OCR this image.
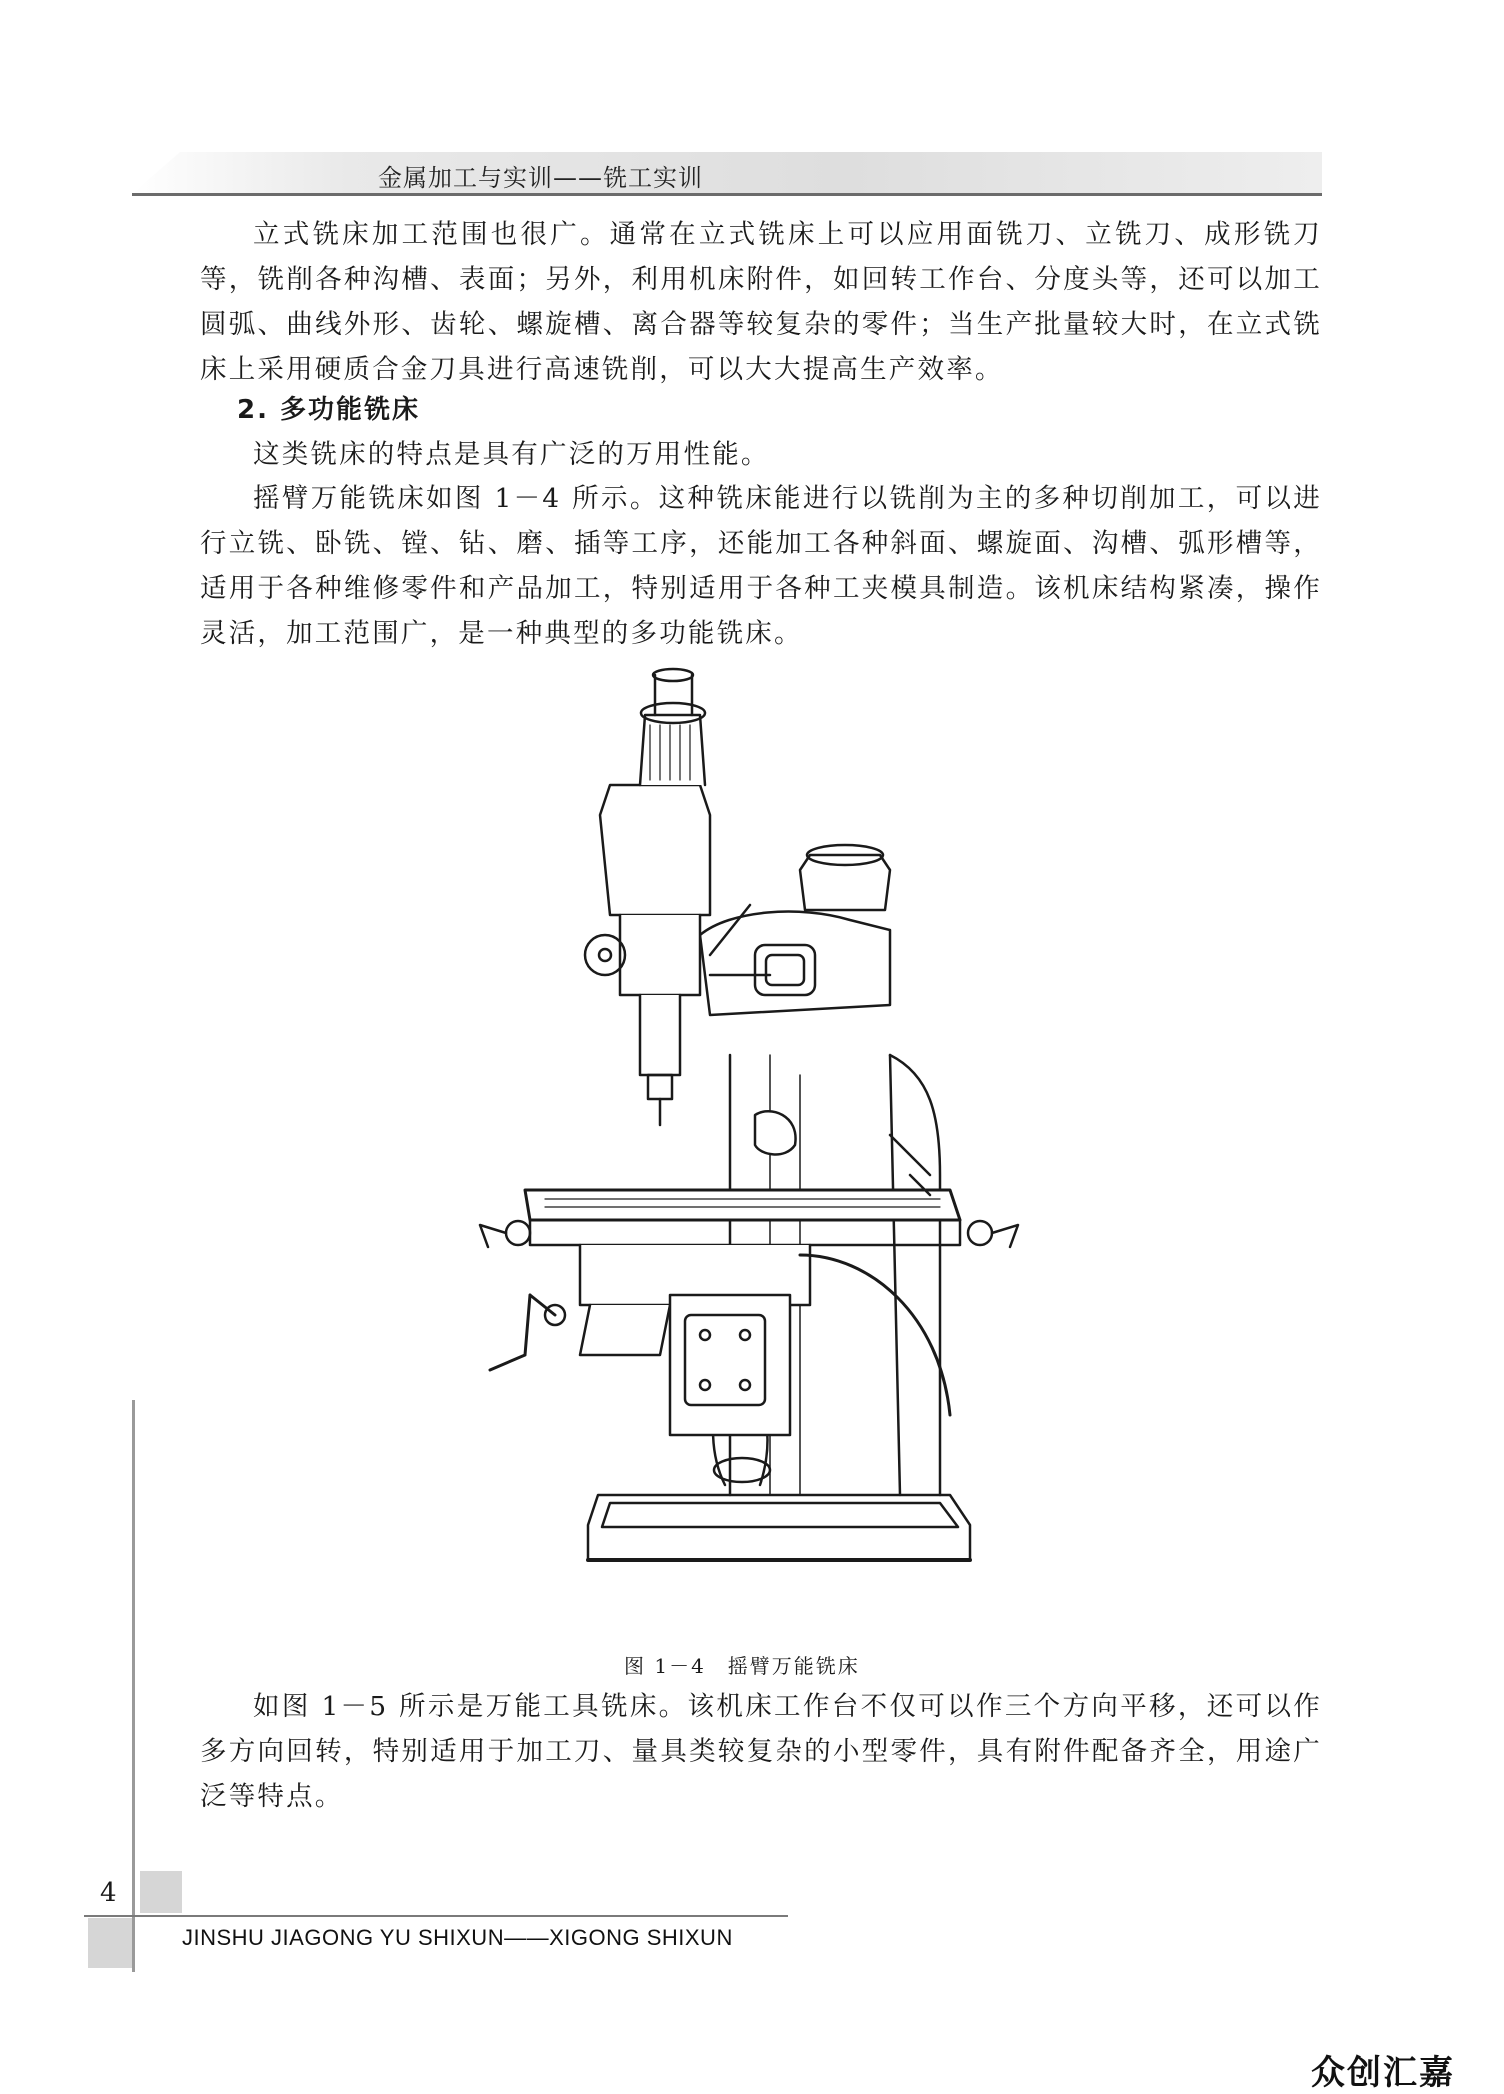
金属加工与实训——铣工实训

立式铣床加工范围也很广。通常在立式铣床上可以应用面铣刀、立铣刀、成形铣刀等，铣削各种沟槽、表面；另外，利用机床附件，如回转工作台、分度头等，还可以加工圆弧、曲线外形、齿轮、螺旋槽、离合器等较复杂的零件；当生产批量较大时，在立式铣床上采用硬质合金刀具进行高速铣削，可以大大提高生产效率。

2. 多功能铣床

这类铣床的特点是具有广泛的万用性能。

摇臂万能铣床如图 1－4 所示。这种铣床能进行以铣削为主的多种切削加工，可以进行立铣、卧铣、镗、钻、磨、插等工序，还能加工各种斜面、螺旋面、沟槽、弧形槽等，适用于各种维修零件和产品加工，特别适用于各种工夹模具制造。该机床结构紧凑，操作灵活，加工范围广，是一种典型的多功能铣床。

图 1－4　摇臂万能铣床

如图 1－5 所示是万能工具铣床。该机床工作台不仅可以作三个方向平移，还可以作多方向回转，特别适用于加工刀、量具类较复杂的小型零件，具有附件配备齐全，用途广泛等特点。

4
JINSHU JIAGONG YU SHIXUN——XIGONG SHIXUN
众创汇嘉
